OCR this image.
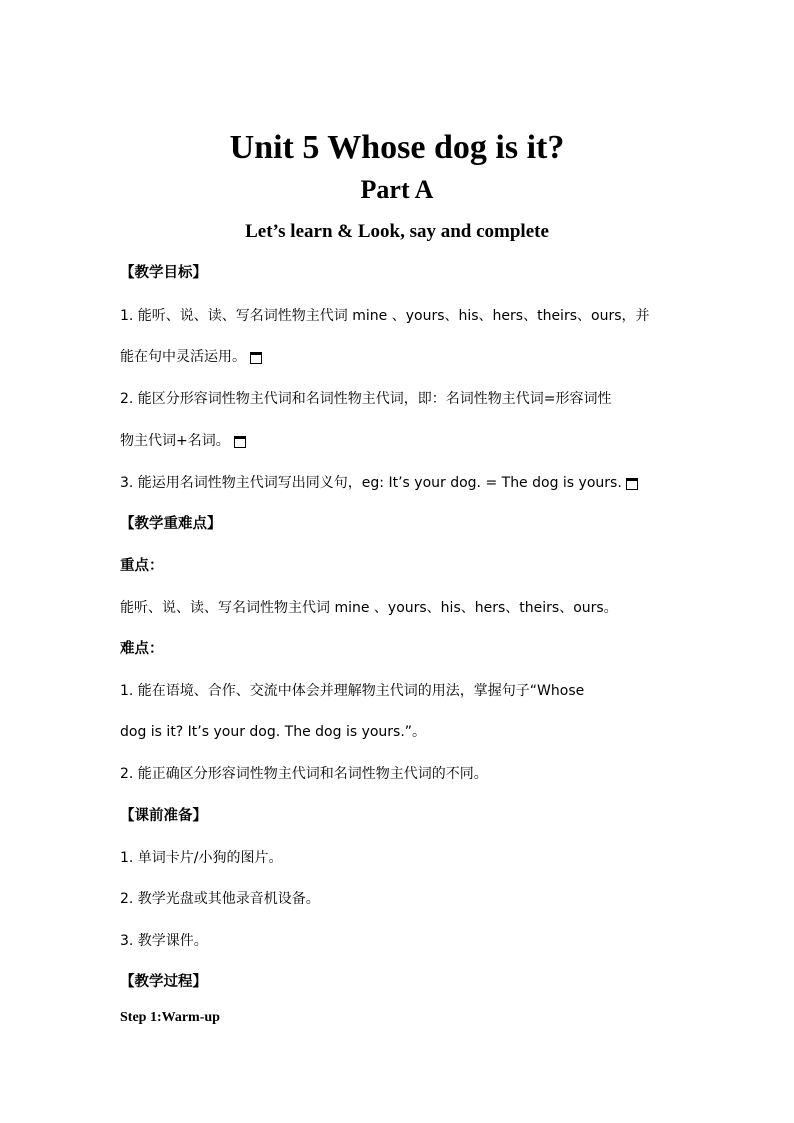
Unit 5 Whose dog is it?
Part A
Let’s learn & Look, say and complete
【教学目标】
1. 能听、说、读、写名词性物主代词 mine 、yours、his、hers、theirs、ours，并
能在句中灵活运用。
2. 能区分形容词性物主代词和名词性物主代词，即：名词性物主代词=形容词性
物主代词+名词。
3. 能运用名词性物主代词写出同义句，eg: It’s your dog. = The dog is yours.
【教学重难点】
重点：
能听、说、读、写名词性物主代词 mine 、yours、his、hers、theirs、ours。
难点：
1. 能在语境、合作、交流中体会并理解物主代词的用法，掌握句子“Whose
dog is it? It’s your dog. The dog is yours.”。
2. 能正确区分形容词性物主代词和名词性物主代词的不同。
【课前准备】
1. 单词卡片/小狗的图片。
2. 教学光盘或其他录音机设备。
3. 教学课件。
【教学过程】
Step 1:Warm-up
